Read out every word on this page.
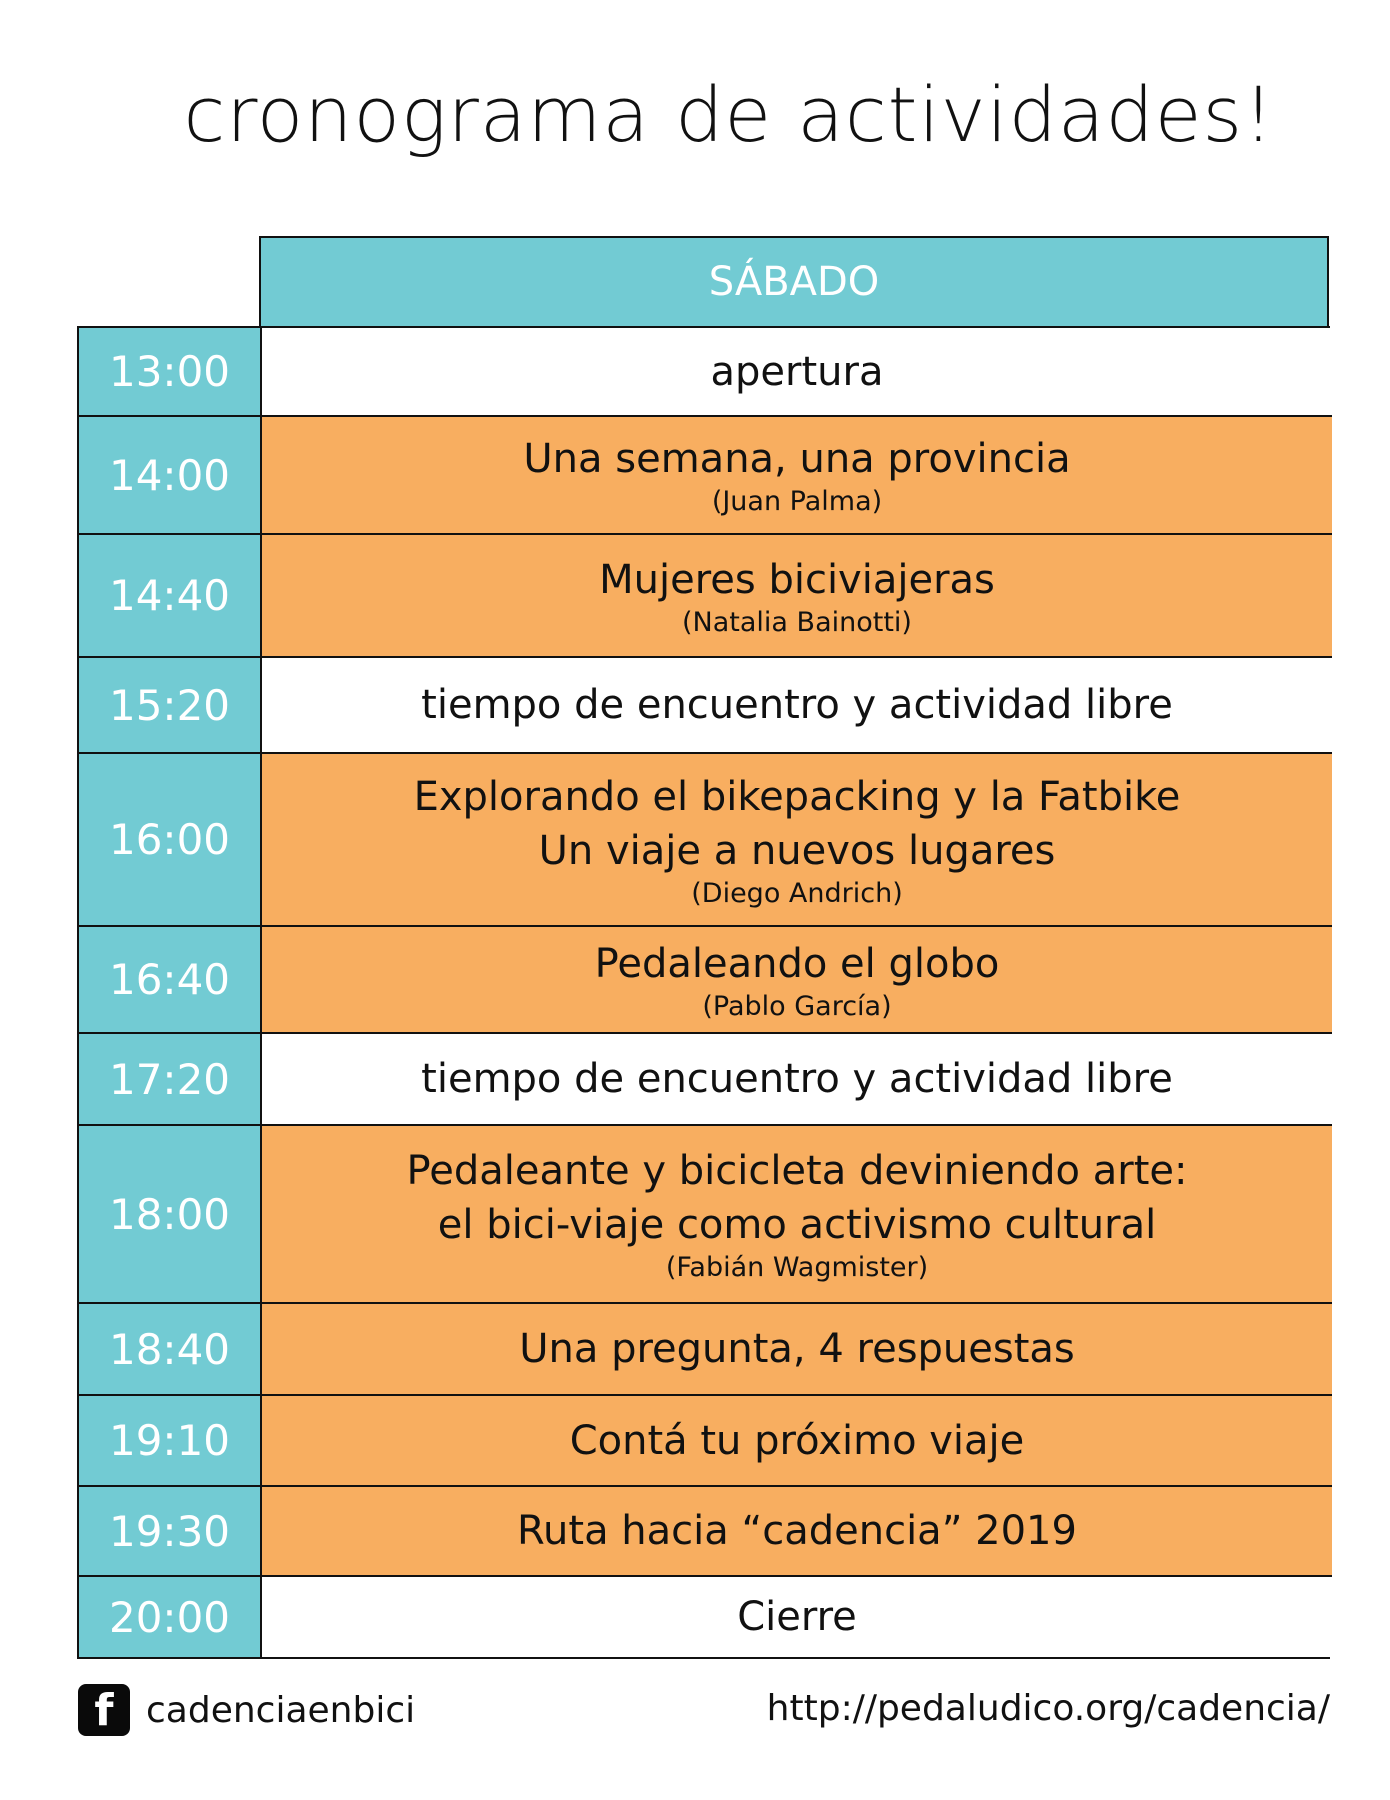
cronograma de actividades!
SÁBADO
13:00	apertura
14:00	Una semana, una provincia
(Juan Palma)
14:40	Mujeres biciviajeras
(Natalia Bainotti)
15:20	tiempo de encuentro y actividad libre
16:00
Explorando el bikepacking y la Fatbike
Un viaje a nuevos lugares
(Diego Andrich)
16:40	Pedaleando el globo
(Pablo García)
17:20	tiempo de encuentro y actividad libre
18:00
Pedaleante y bicicleta deviniendo arte:
el bici-viaje como activismo cultural
(Fabián Wagmister)
18:40	Una pregunta, 4 respuestas
19:10	Contá tu próximo viaje
19:30	Ruta hacia “cadencia” 2019
20:00	Cierre
f cadenciaenbici	http://pedaludico.org/cadencia/
